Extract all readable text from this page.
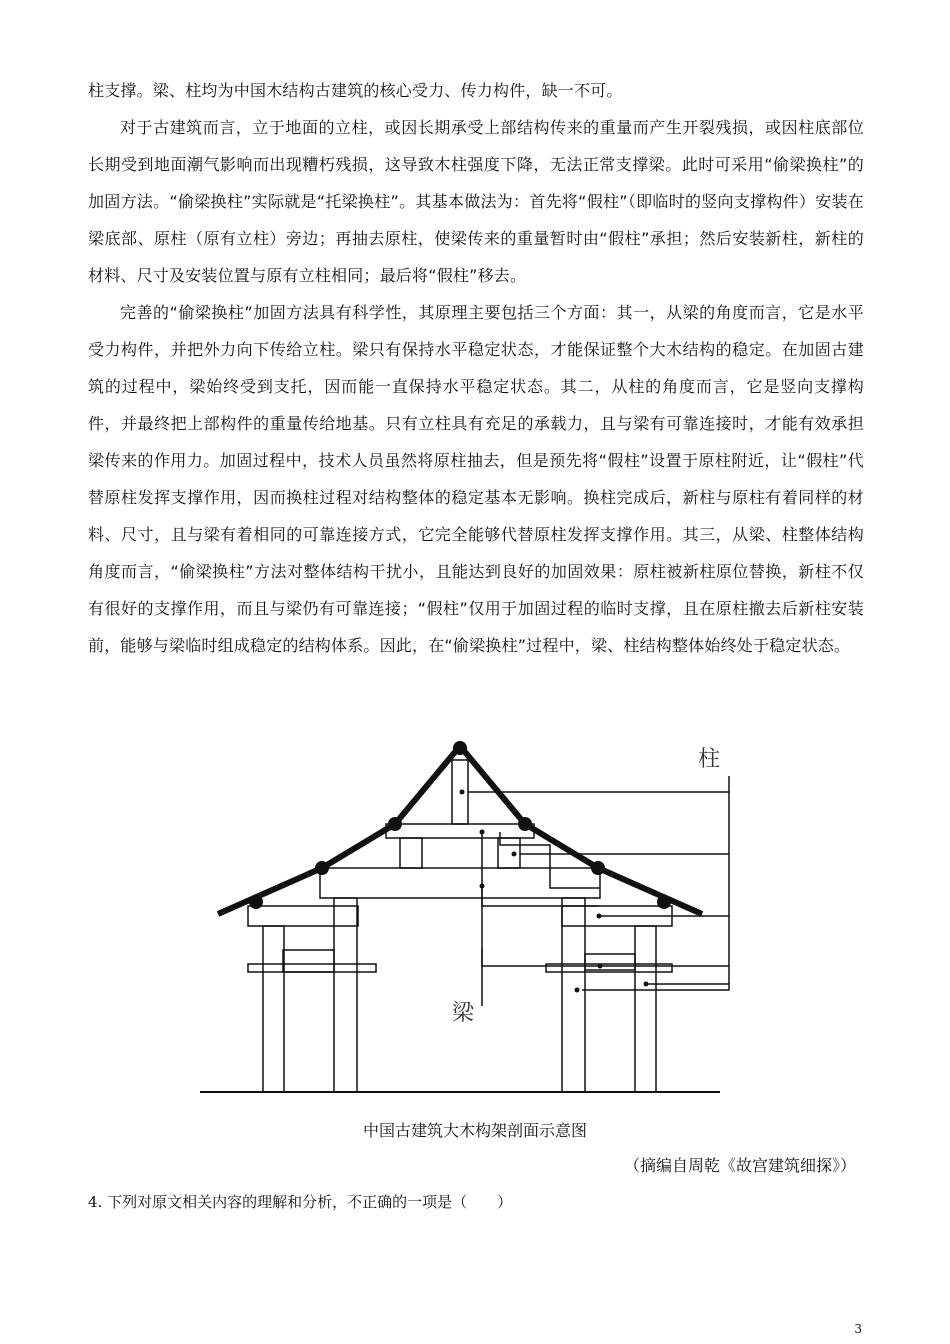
柱支撑。梁、柱均为中国木结构古建筑的核心受力、传力构件，缺一不可。

对于古建筑而言，立于地面的立柱，或因长期承受上部结构传来的重量而产生开裂残损，或因柱底部位长期受到地面潮气影响而出现糟朽残损，这导致木柱强度下降，无法正常支撑梁。此时可采用“偷梁换柱”的加固方法。“偷梁换柱”实际就是“托梁换柱”。其基本做法为：首先将“假柱”（即临时的竖向支撑构件）安装在梁底部、原柱（原有立柱）旁边；再抽去原柱，使梁传来的重量暂时由“假柱”承担；然后安装新柱，新柱的材料、尺寸及安装位置与原有立柱相同；最后将“假柱”移去。

完善的“偷梁换柱”加固方法具有科学性，其原理主要包括三个方面：其一，从梁的角度而言，它是水平受力构件，并把外力向下传给立柱。梁只有保持水平稳定状态，才能保证整个大木结构的稳定。在加固古建筑的过程中，梁始终受到支托，因而能一直保持水平稳定状态。其二，从柱的角度而言，它是竖向支撑构件，并最终把上部构件的重量传给地基。只有立柱具有充足的承载力，且与梁有可靠连接时，才能有效承担梁传来的作用力。加固过程中，技术人员虽然将原柱抽去，但是预先将“假柱”设置于原柱附近，让“假柱”代替原柱发挥支撑作用，因而换柱过程对结构整体的稳定基本无影响。换柱完成后，新柱与原柱有着同样的材料、尺寸，且与梁有着相同的可靠连接方式，它完全能够代替原柱发挥支撑作用。其三，从梁、柱整体结构角度而言，“偷梁换柱”方法对整体结构干扰小，且能达到良好的加固效果：原柱被新柱原位替换，新柱不仅有很好的支撑作用，而且与梁仍有可靠连接；“假柱”仅用于加固过程的临时支撑，且在原柱撤去后新柱安装前，能够与梁临时组成稳定的结构体系。因此，在“偷梁换柱”过程中，梁、柱结构整体始终处于稳定状态。

柱
梁
中国古建筑大木构架剖面示意图
（摘编自周乾《故宫建筑细探》）
4. 下列对原文相关内容的理解和分析，不正确的一项是（　　）
3
